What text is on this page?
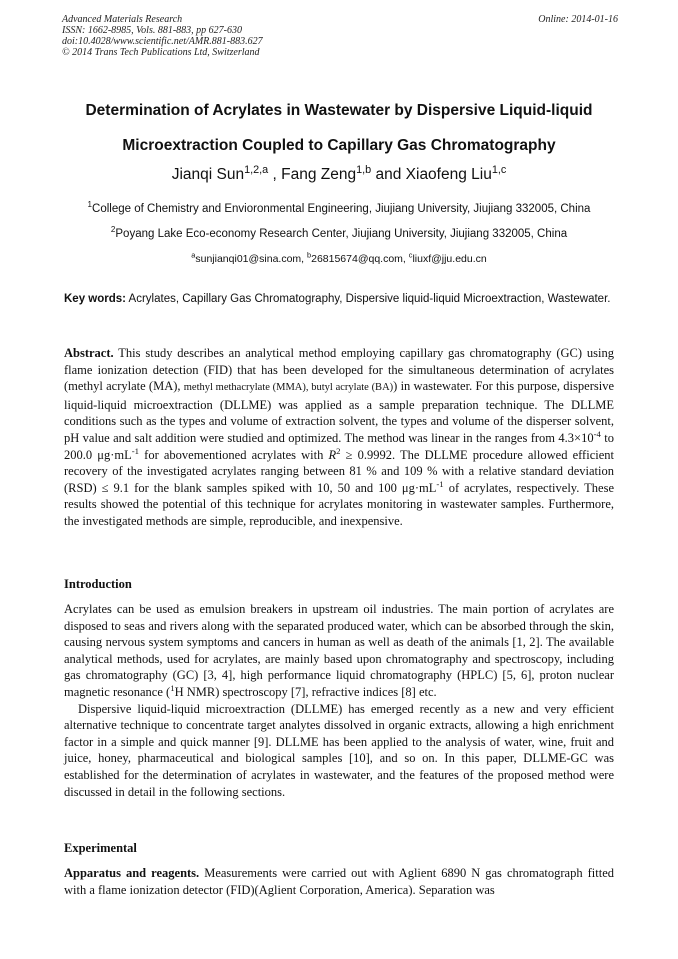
Advanced Materials Research
ISSN: 1662-8985, Vols. 881-883, pp 627-630
doi:10.4028/www.scientific.net/AMR.881-883.627
© 2014 Trans Tech Publications Ltd, Switzerland
Online: 2014-01-16
Determination of Acrylates in Wastewater by Dispersive Liquid-liquid
Microextraction Coupled to Capillary Gas Chromatography
Jianqi Sun$^{1,2,a}$ , Fang Zeng$^{1,b}$ and Xiaofeng Liu$^{1,c}$
$^1$College of Chemistry and Envioronmental Engineering, Jiujiang University, Jiujiang 332005, China
$^2$Poyang Lake Eco-economy Research Center, Jiujiang University, Jiujiang 332005, China
$^a$sunjianqi01@sina.com, $^b$26815674@qq.com, $^c$liuxf@jju.edu.cn
Key words: Acrylates, Capillary Gas Chromatography, Dispersive liquid-liquid Microextraction, Wastewater.

Abstract. This study describes an analytical method employing capillary gas chromatography (GC) using flame ionization detection (FID) that has been developed for the simultaneous determination of acrylates (methyl acrylate (MA), methyl methacrylate (MMA), butyl acrylate (BA)) in wastewater. For this purpose, dispersive liquid-liquid microextraction (DLLME) was applied as a sample preparation technique. The DLLME conditions such as the types and volume of extraction solvent, the types and volume of the disperser solvent, pH value and salt addition were studied and optimized. The method was linear in the ranges from $4.3\times 10^{-4}$ to 200.0 $\mu g\cdot mL^{-1}$ for abovementioned acrylates with $R^2 \ge 0.9992$. The DLLME procedure allowed efficient recovery of the investigated acrylates ranging between 81 % and 109 % with a relative standard deviation (RSD) ≤ 9.1 for the blank samples spiked with 10, 50 and 100 $\mu g\cdot mL^{-1}$ of acrylates, respectively. These results showed the potential of this technique for acrylates monitoring in wastewater samples. Furthermore, the investigated methods are simple, reproducible, and inexpensive.

Introduction

Acrylates can be used as emulsion breakers in upstream oil industries. The main portion of acrylates are disposed to seas and rivers along with the separated produced water, which can be absorbed through the skin, causing nervous system symptoms and cancers in human as well as death of the animals [1, 2]. The available analytical methods, used for acrylates, are mainly based upon chromatography and spectroscopy, including gas chromatography (GC) [3, 4], high performance liquid chromatography (HPLC) [5, 6], proton nuclear magnetic resonance ($^1$H NMR) spectroscopy [7], refractive indices [8] etc.

Dispersive liquid-liquid microextraction (DLLME) has emerged recently as a new and very efficient alternative technique to concentrate target analytes dissolved in organic extracts, allowing a high enrichment factor in a simple and quick manner [9]. DLLME has been applied to the analysis of water, wine, fruit and juice, honey, pharmaceutical and biological samples [10], and so on. In this paper, DLLME-GC was established for the determination of acrylates in wastewater, and the features of the proposed method were discussed in detail in the following sections.

Experimental

Apparatus and reagents. Measurements were carried out with Aglient 6890 N gas chromatograph fitted with a flame ionization detector (FID)(Aglient Corporation, America). Separation was
